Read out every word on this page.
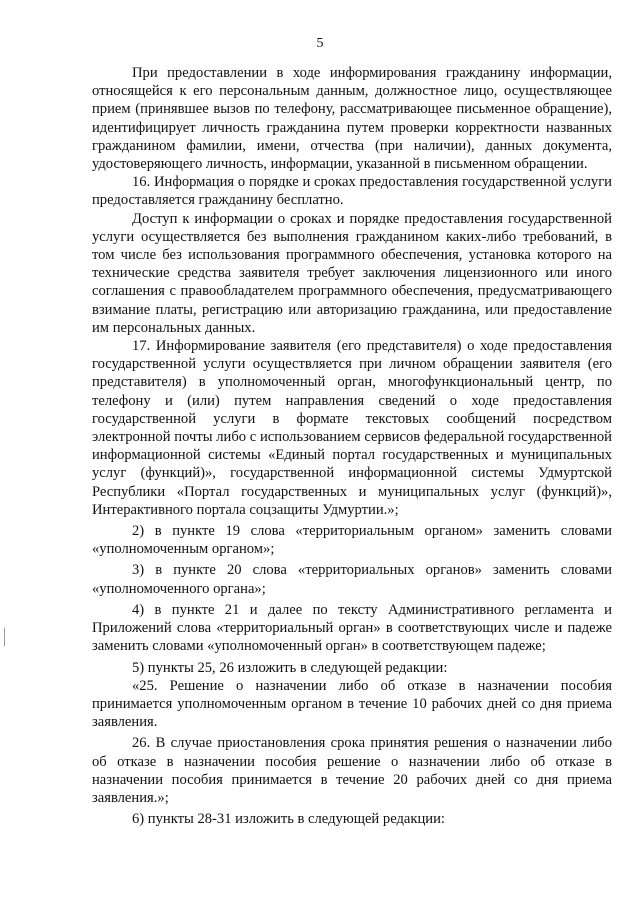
5

При предоставлении в ходе информирования гражданину информации, относящейся к его персональным данным, должностное лицо, осуществляющее прием (принявшее вызов по телефону, рассматривающее письменное обращение), идентифицирует личность гражданина путем проверки корректности названных гражданином фамилии, имени, отчества (при наличии), данных документа, удостоверяющего личность, информации, указанной в письменном обращении.

16. Информация о порядке и сроках предоставления государственной услуги предоставляется гражданину бесплатно.

Доступ к информации о сроках и порядке предоставления государственной услуги осуществляется без выполнения гражданином каких-либо требований, в том числе без использования программного обеспечения, установка которого на технические средства заявителя требует заключения лицензионного или иного соглашения с правообладателем программного обеспечения, предусматривающего взимание платы, регистрацию или авторизацию гражданина, или предоставление им персональных данных.

17. Информирование заявителя (его представителя) о ходе предоставления государственной услуги осуществляется при личном обращении заявителя (его представителя) в уполномоченный орган, многофункциональный центр, по телефону и (или) путем направления сведений о ходе предоставления государственной услуги в формате текстовых сообщений посредством электронной почты либо с использованием сервисов федеральной государственной информационной системы «Единый портал государственных и муниципальных услуг (функций)», государственной информационной системы Удмуртской Республики «Портал государственных и муниципальных услуг (функций)», Интерактивного портала соцзащиты Удмуртии.»;

2) в пункте 19 слова «территориальным органом» заменить словами «уполномоченным органом»;

3) в пункте 20 слова «территориальных органов» заменить словами «уполномоченного органа»;

4) в пункте 21 и далее по тексту Административного регламента и Приложений слова «территориальный орган» в соответствующих числе и падеже заменить словами «уполномоченный орган» в соответствующем падеже;

5) пункты 25, 26 изложить в следующей редакции:

«25. Решение о назначении либо об отказе в назначении пособия принимается уполномоченным органом в течение 10 рабочих дней со дня приема заявления.

26. В случае приостановления срока принятия решения о назначении либо об отказе в назначении пособия решение о назначении либо об отказе в назначении пособия принимается в течение 20 рабочих дней со дня приема заявления.»;

6) пункты 28-31 изложить в следующей редакции:
